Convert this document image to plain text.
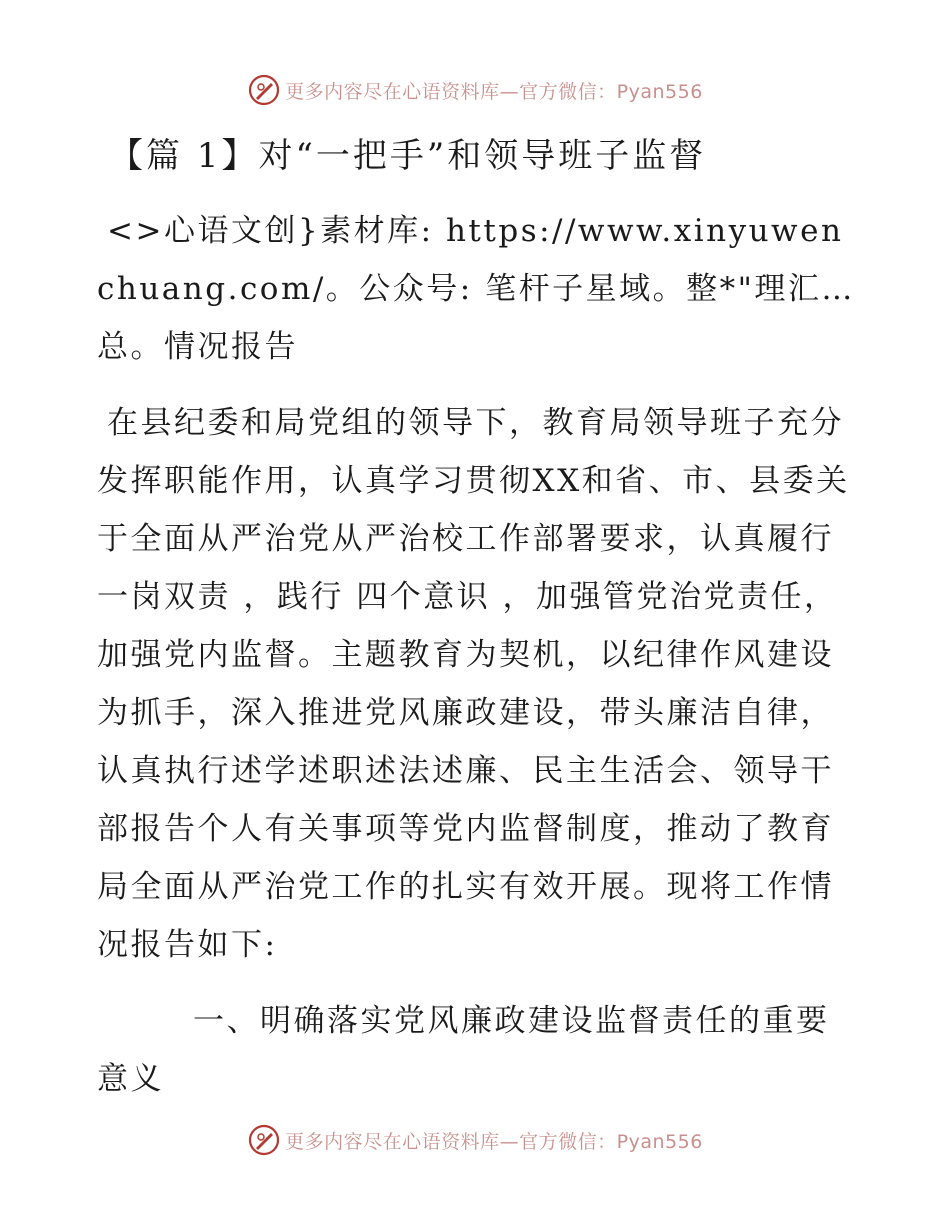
更多内容尽在心语资料库—官方微信：Pyan556
【篇 1】对“一把手”和领导班子监督

<>心语文创}素材库: https://www.xinyuwenchuang.com/。公众号: 笔杆子星域。整*"理汇…总。情况报告

在县纪委和局党组的领导下，教育局领导班子充分发挥职能作用，认真学习贯彻XX和省、市、县委关于全面从严治党从严治校工作部署要求，认真履行 一岗双责 ，践行 四个意识 ，加强管党治党责任，加强党内监督。主题教育为契机，以纪律作风建设为抓手，深入推进党风廉政建设，带头廉洁自律，认真执行述学述职述法述廉、民主生活会、领导干部报告个人有关事项等党内监督制度，推动了教育局全面从严治党工作的扎实有效开展。现将工作情况报告如下:

一、明确落实党风廉政建设监督责任的重要意义

更多内容尽在心语资料库—官方微信：Pyan556
